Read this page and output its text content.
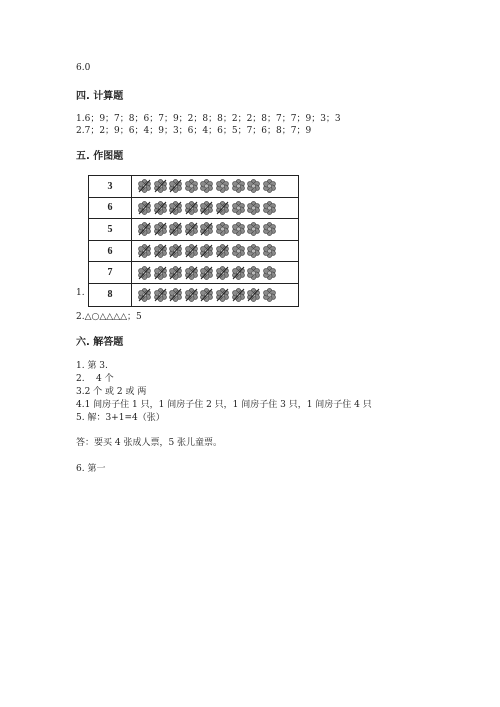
6.0
四. 计算题
1.6；9；7；8；6；7；9；2；8；8；2；2；8；7；7；9；3；3
2.7；2；9；6；4；9；3；6；4；6；5；7；6；8；7；9
五. 作图题
1.
3
6
5
6
7
8
2.△○△△△△；5
六. 解答题
1. 第 3.
2.    4 个
3.2 个 或 2 或 两
4.1 间房子住 1 只，1 间房子住 2 只，1 间房子住 3 只，1 间房子住 4 只
5. 解：3+1=4（张）
答：要买 4 张成人票，5 张儿童票。
6. 第一
